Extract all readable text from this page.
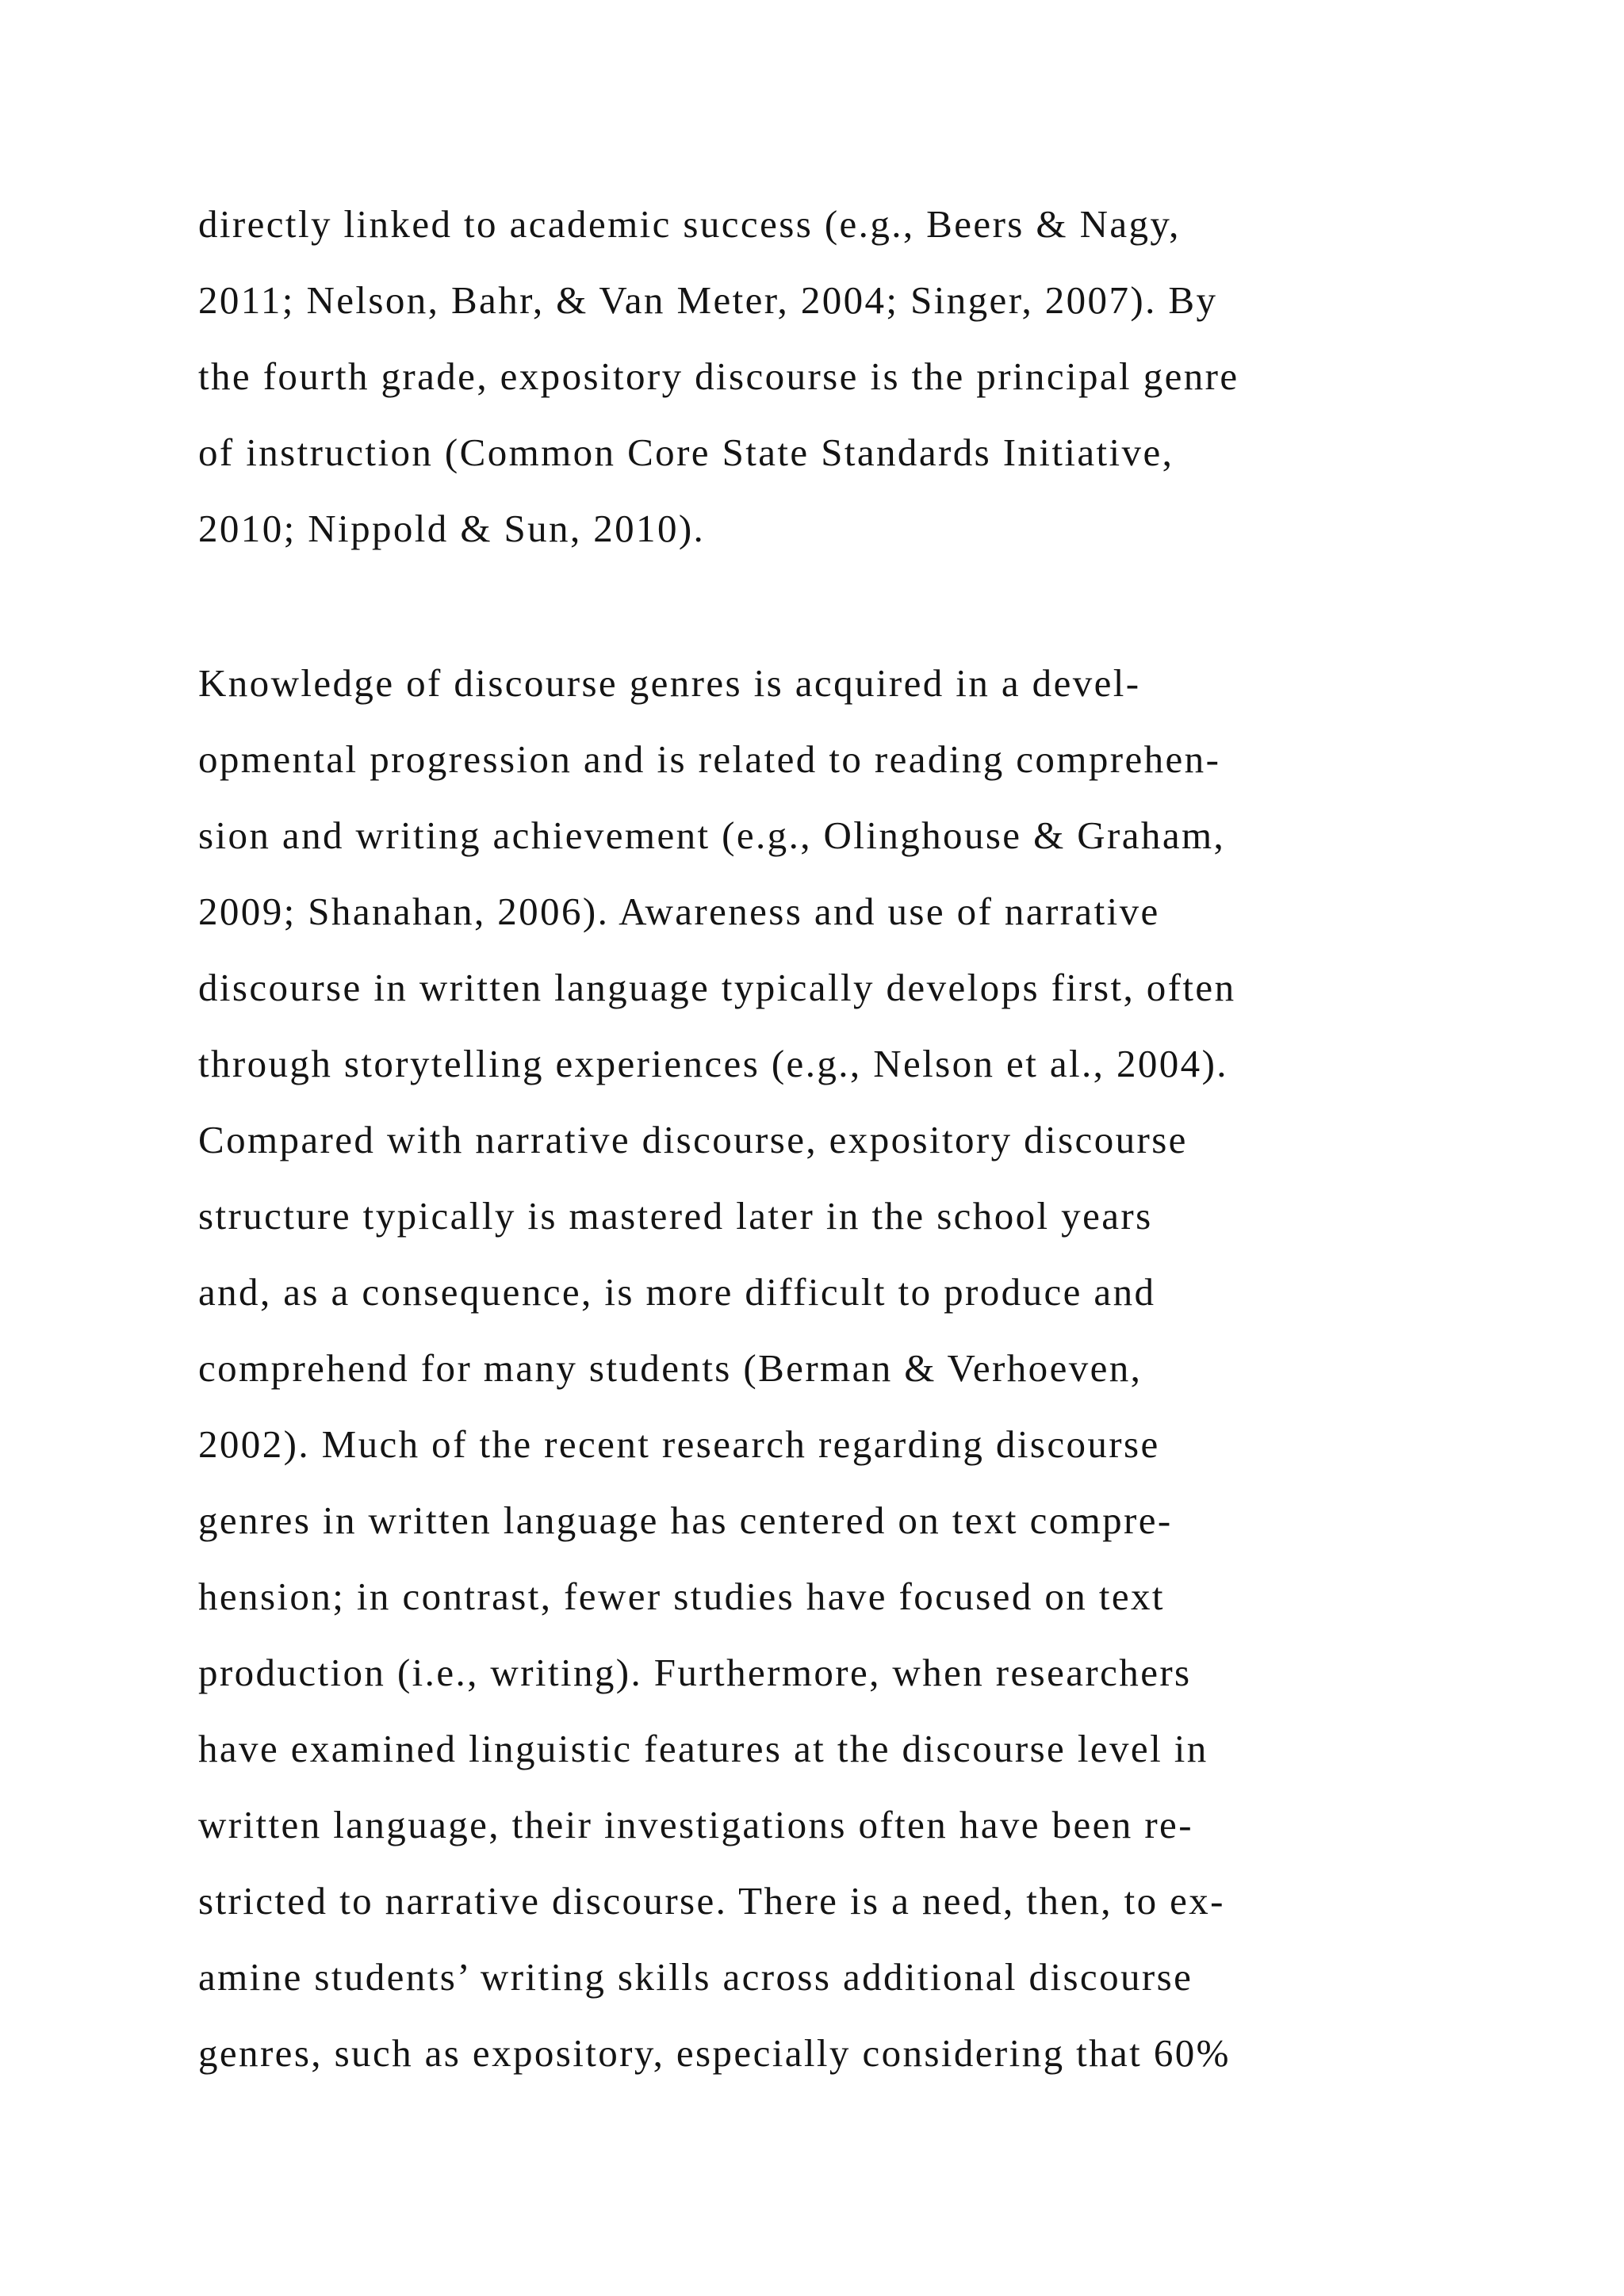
directly linked to academic success (e.g., Beers & Nagy,
2011; Nelson, Bahr, & Van Meter, 2004; Singer, 2007). By
the fourth grade, expository discourse is the principal genre
of instruction (Common Core State Standards Initiative,
2010; Nippold & Sun, 2010).
Knowledge of discourse genres is acquired in a devel-
opmental progression and is related to reading comprehen-
sion and writing achievement (e.g., Olinghouse & Graham,
2009; Shanahan, 2006). Awareness and use of narrative
discourse in written language typically develops first, often
through storytelling experiences (e.g., Nelson et al., 2004).
Compared with narrative discourse, expository discourse
structure typically is mastered later in the school years
and, as a consequence, is more difficult to produce and
comprehend for many students (Berman & Verhoeven,
2002). Much of the recent research regarding discourse
genres in written language has centered on text compre-
hension; in contrast, fewer studies have focused on text
production (i.e., writing). Furthermore, when researchers
have examined linguistic features at the discourse level in
written language, their investigations often have been re-
stricted to narrative discourse. There is a need, then, to ex-
amine students’ writing skills across additional discourse
genres, such as expository, especially considering that 60%
